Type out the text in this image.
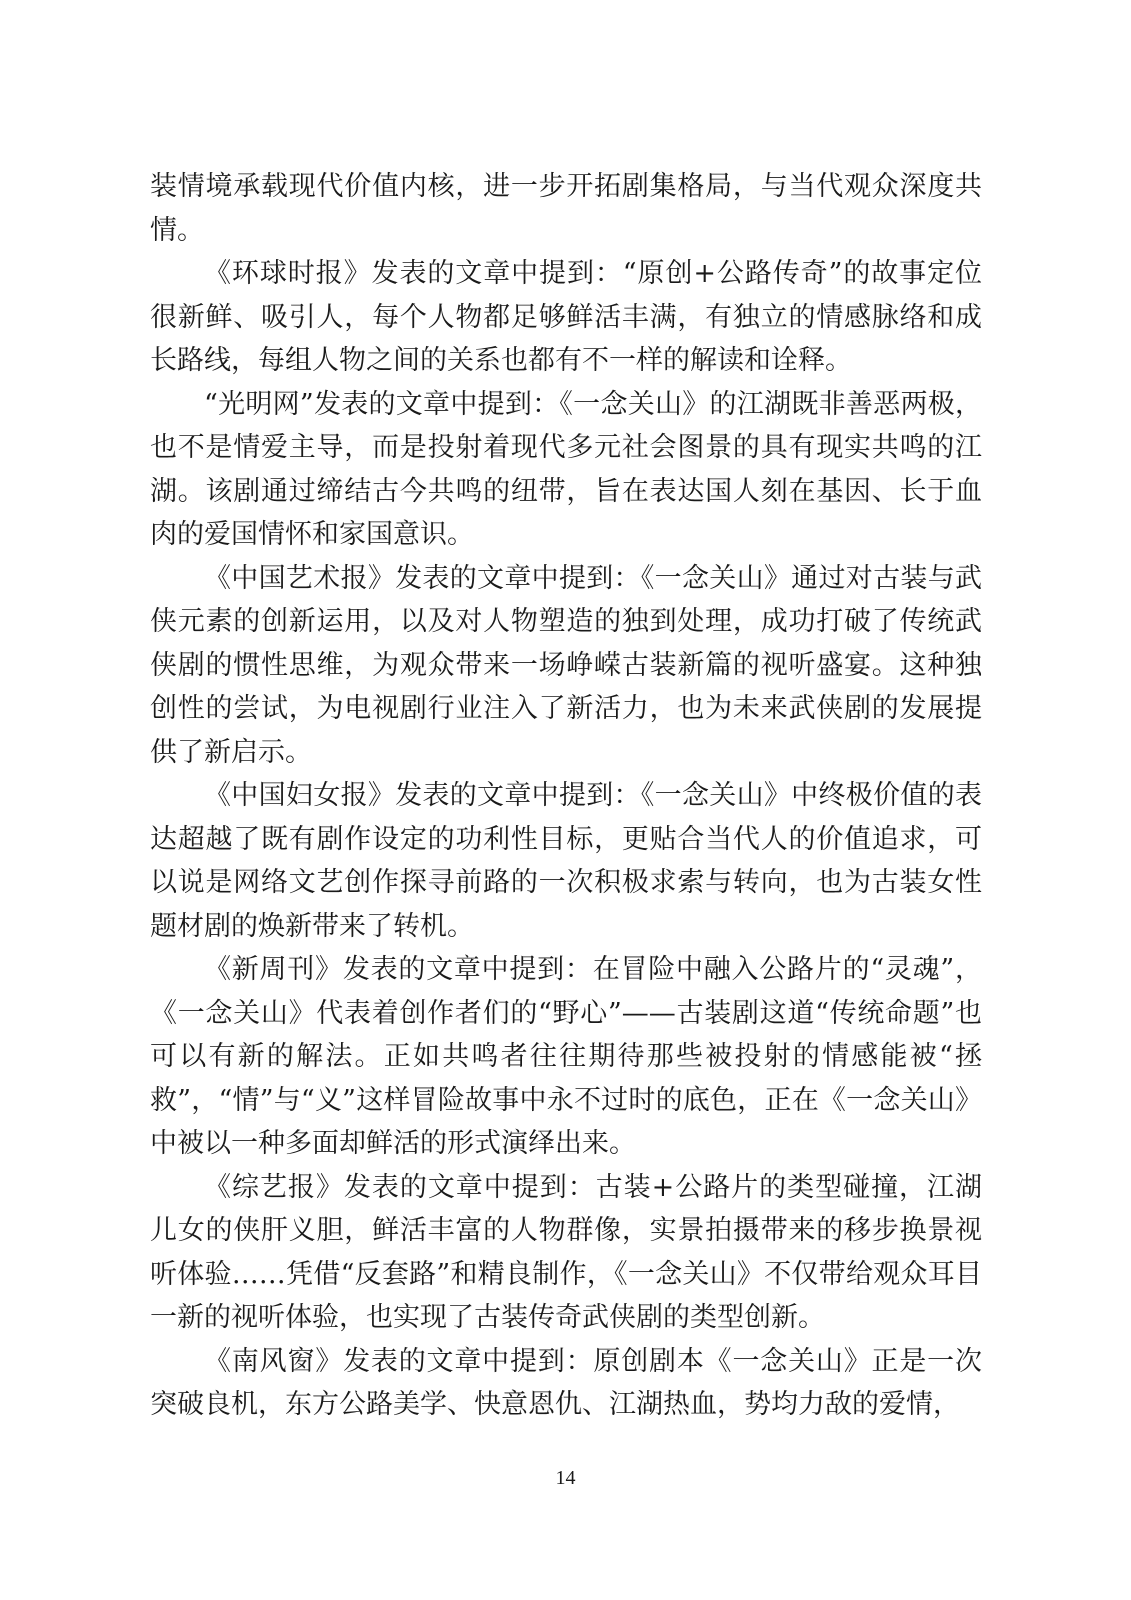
装情境承载现代价值内核，进一步开拓剧集格局，与当代观众深度共情。

《环球时报》发表的文章中提到：“原创+公路传奇”的故事定位很新鲜、吸引人，每个人物都足够鲜活丰满，有独立的情感脉络和成长路线，每组人物之间的关系也都有不一样的解读和诠释。

“光明网”发表的文章中提到：《一念关山》的江湖既非善恶两极，也不是情爱主导，而是投射着现代多元社会图景的具有现实共鸣的江湖。该剧通过缔结古今共鸣的纽带，旨在表达国人刻在基因、长于血肉的爱国情怀和家国意识。

《中国艺术报》发表的文章中提到：《一念关山》通过对古装与武侠元素的创新运用，以及对人物塑造的独到处理，成功打破了传统武侠剧的惯性思维，为观众带来一场峥嵘古装新篇的视听盛宴。这种独创性的尝试，为电视剧行业注入了新活力，也为未来武侠剧的发展提供了新启示。

《中国妇女报》发表的文章中提到：《一念关山》中终极价值的表达超越了既有剧作设定的功利性目标，更贴合当代人的价值追求，可以说是网络文艺创作探寻前路的一次积极求索与转向，也为古装女性题材剧的焕新带来了转机。

《新周刊》发表的文章中提到：在冒险中融入公路片的“灵魂”，《一念关山》代表着创作者们的“野心”——古装剧这道“传统命题”也可以有新的解法。正如共鸣者往往期待那些被投射的情感能被“拯救”，“情”与“义”这样冒险故事中永不过时的底色，正在《一念关山》中被以一种多面却鲜活的形式演绎出来。

《综艺报》发表的文章中提到：古装+公路片的类型碰撞，江湖儿女的侠肝义胆，鲜活丰富的人物群像，实景拍摄带来的移步换景视听体验……凭借“反套路”和精良制作，《一念关山》不仅带给观众耳目一新的视听体验，也实现了古装传奇武侠剧的类型创新。

《南风窗》发表的文章中提到：原创剧本《一念关山》正是一次突破良机，东方公路美学、快意恩仇、江湖热血，势均力敌的爱情，

14
